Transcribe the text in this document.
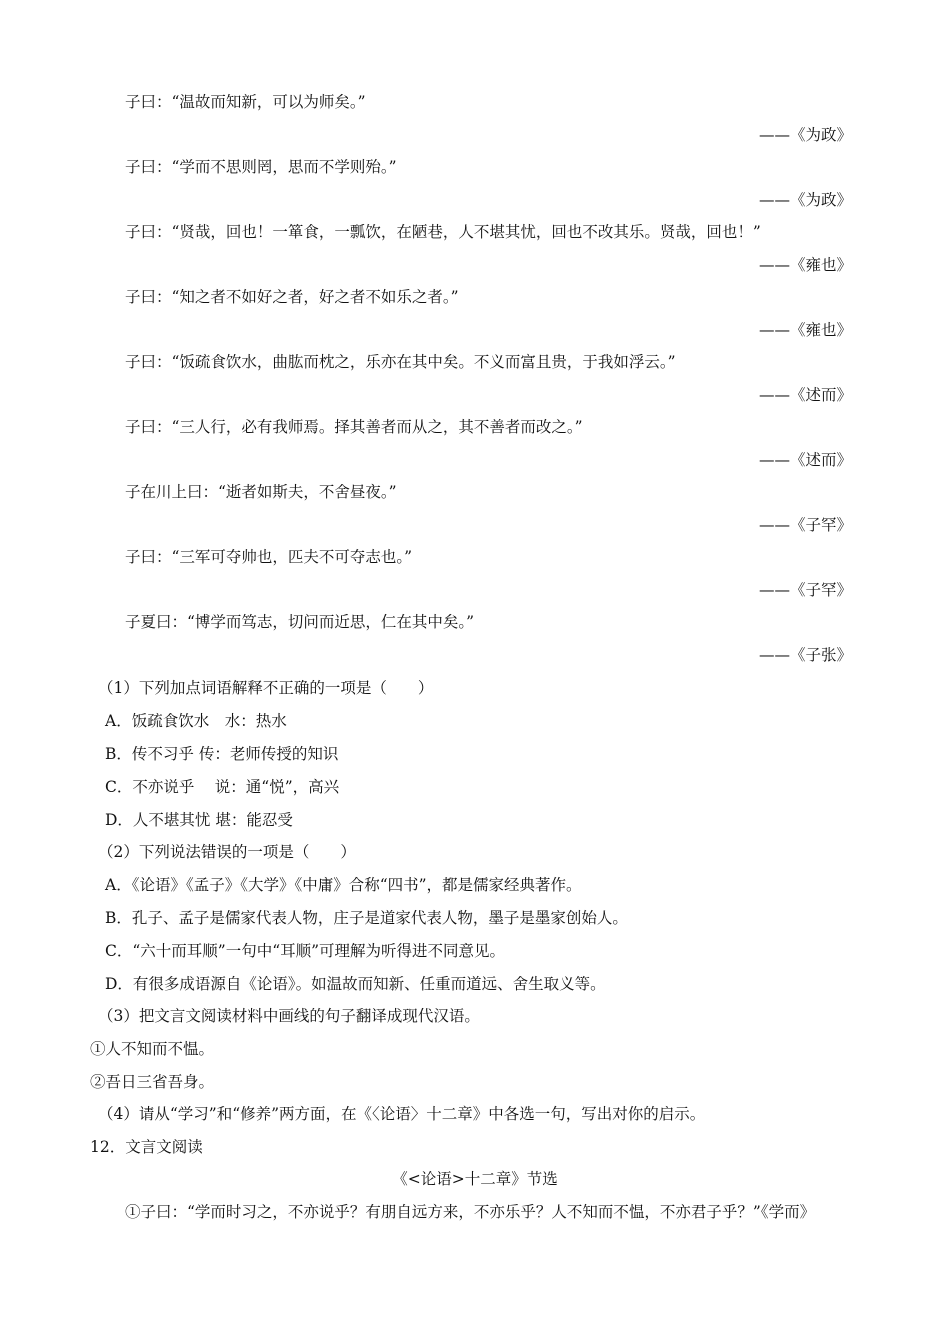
子曰：“温故而知新，可以为师矣。”
——《为政》
子曰：“学而不思则罔，思而不学则殆。”
——《为政》
子曰：“贤哉，回也！一箪食，一瓢饮，在陋巷，人不堪其忧，回也不改其乐。贤哉，回也！”
——《雍也》
子曰：“知之者不如好之者，好之者不如乐之者。”
——《雍也》
子曰：“饭疏食饮水，曲肱而枕之，乐亦在其中矣。不义而富且贵，于我如浮云。”
——《述而》
子曰：“三人行，必有我师焉。择其善者而从之，其不善者而改之。”
——《述而》
子在川上曰：“逝者如斯夫，不舍昼夜。”
——《子罕》
子曰：“三军可夺帅也，匹夫不可夺志也。”
——《子罕》
子夏曰：“博学而笃志，切问而近思，仁在其中矣。”
——《子张》
（1）下列加点词语解释不正确的一项是（　　）
A．饭疏食饮水　水：热水
B．传不习乎 传：老师传授的知识
C．不亦说乎　 说：通“悦”，高兴
D．人不堪其忧 堪：能忍受
（2）下列说法错误的一项是（　　）
A．《论语》《孟子》《大学》《中庸》合称“四书”，都是儒家经典著作。
B．孔子、孟子是儒家代表人物，庄子是道家代表人物，墨子是墨家创始人。
C．“六十而耳顺”一句中“耳顺”可理解为听得进不同意见。
D．有很多成语源自《论语》。如温故而知新、任重而道远、舍生取义等。
（3）把文言文阅读材料中画线的句子翻译成现代汉语。
①人不知而不愠。
②吾日三省吾身。
（4）请从“学习”和“修养”两方面，在《〈论语〉十二章》中各选一句，写出对你的启示。
12．文言文阅读
《<论语>十二章》节选
①子曰：“学而时习之，不亦说乎？有朋自远方来，不亦乐乎？人不知而不愠，不亦君子乎？”《学而》
